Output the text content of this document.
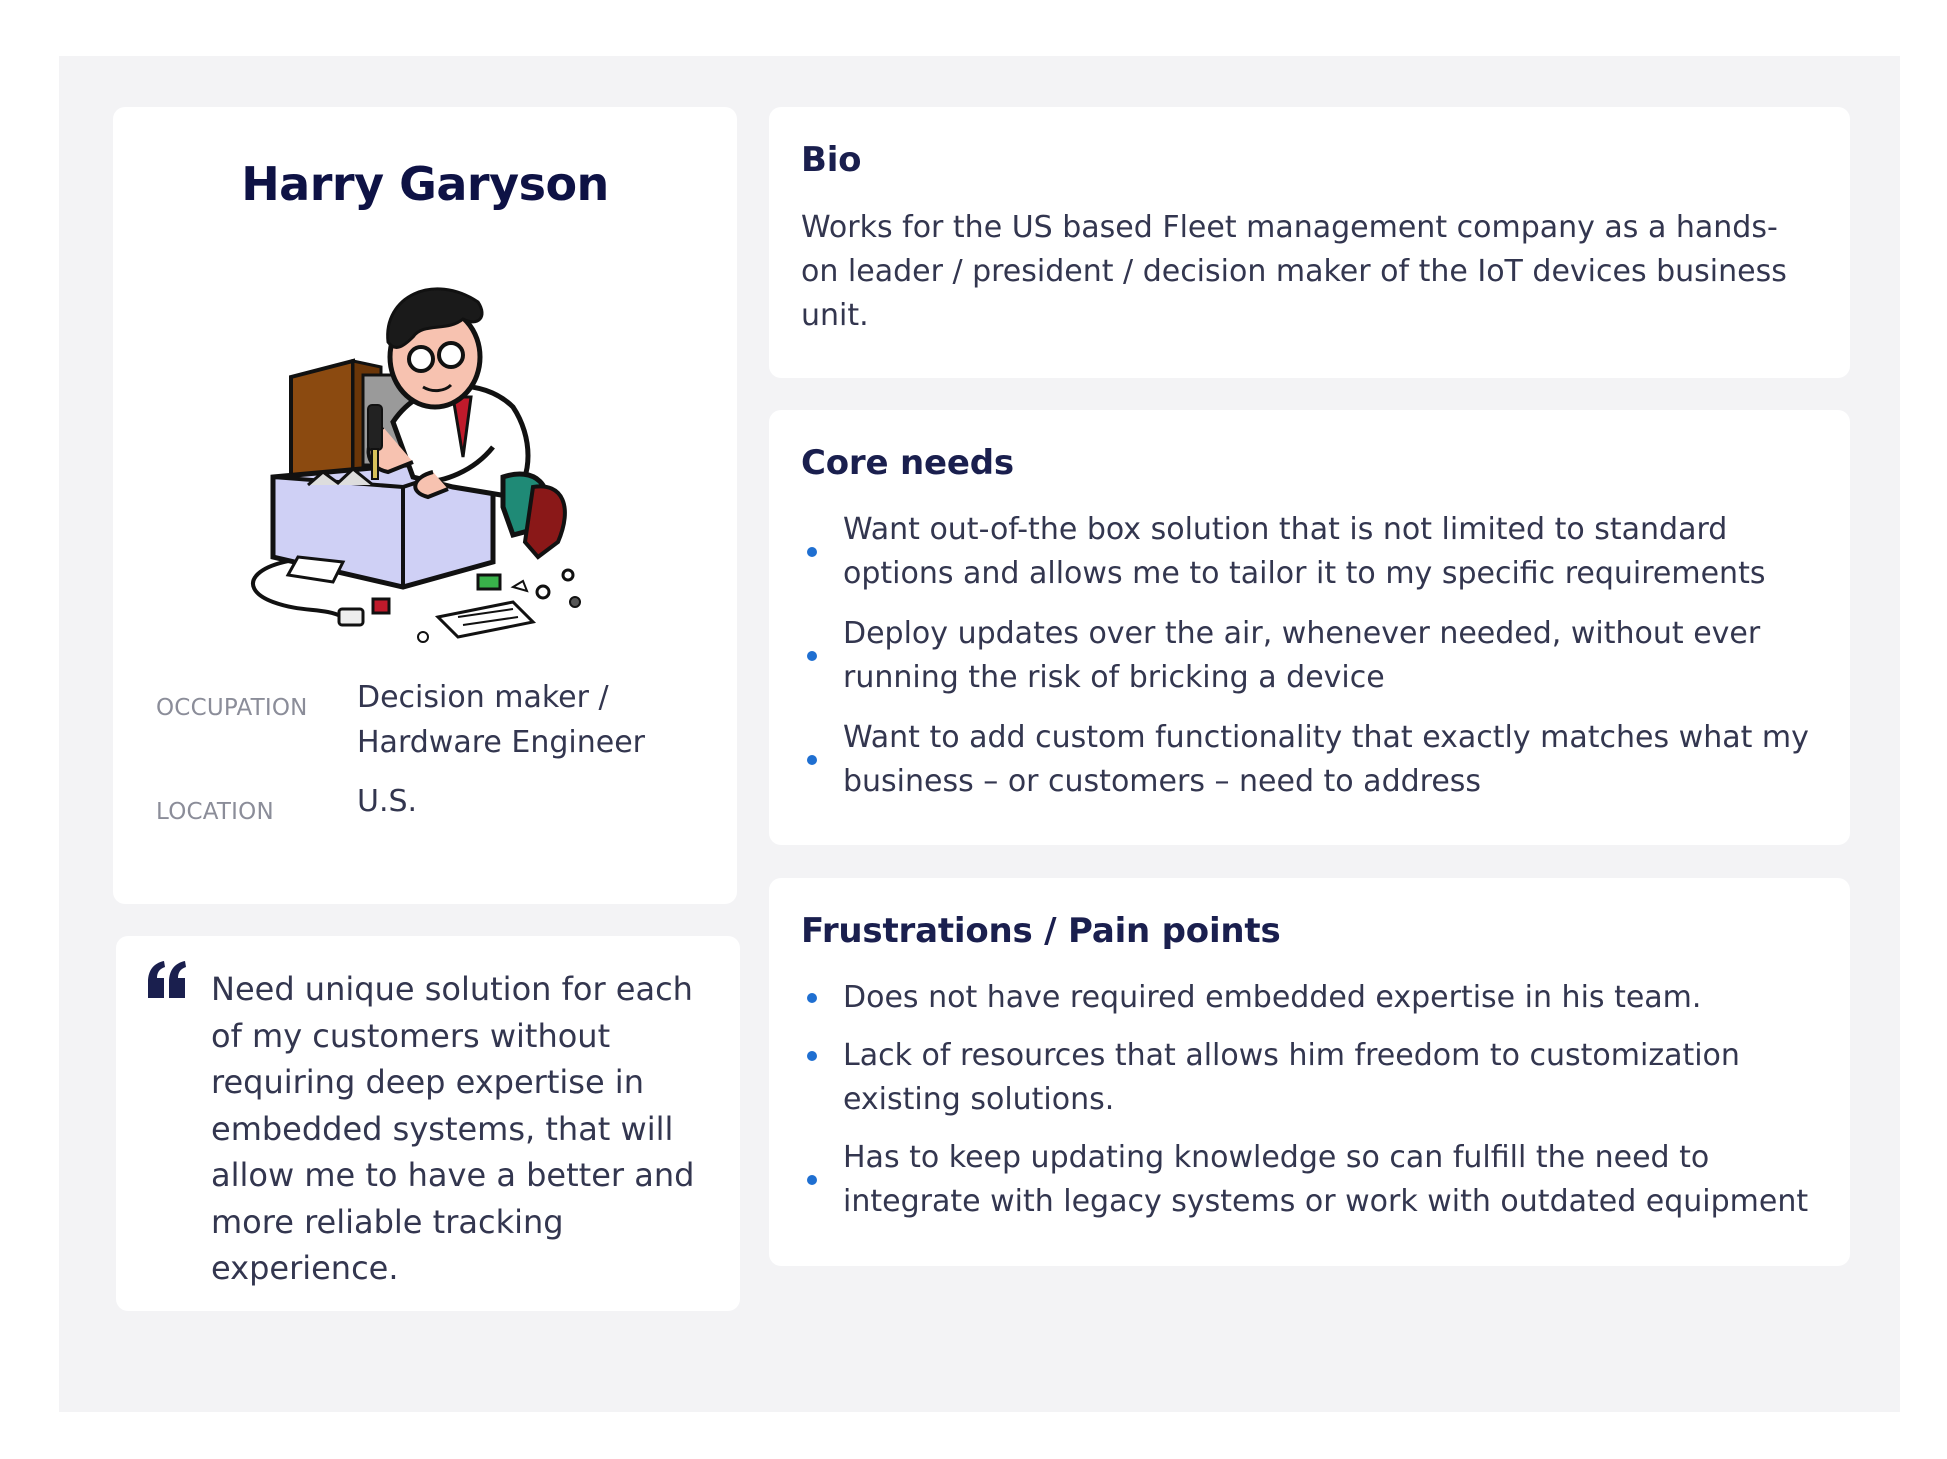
Harry Garyson
OCCUPATION Decision maker / Hardware Engineer
LOCATION	U.S.
Need unique solution for each of my customers without requiring deep expertise in embedded systems, that will allow me to have a better and more reliable tracking experience.
Bio

Works for the US based Fleet management company as a hands-on leader / president / decision maker of the IoT devices business unit.

Core needs
Want out-of-the box solution that is not limited to standard options and allows me to tailor it to my specific requirements
Deploy updates over the air, whenever needed, without ever running the risk of bricking a device
Want to add custom functionality that exactly matches what my business – or customers – need to address
Frustrations / Pain points
Does not have required embedded expertise in his team.
Lack of resources that allows him freedom to customization existing solutions.
Has to keep updating knowledge so can fulfill the need to integrate with legacy systems or work with outdated equipment
